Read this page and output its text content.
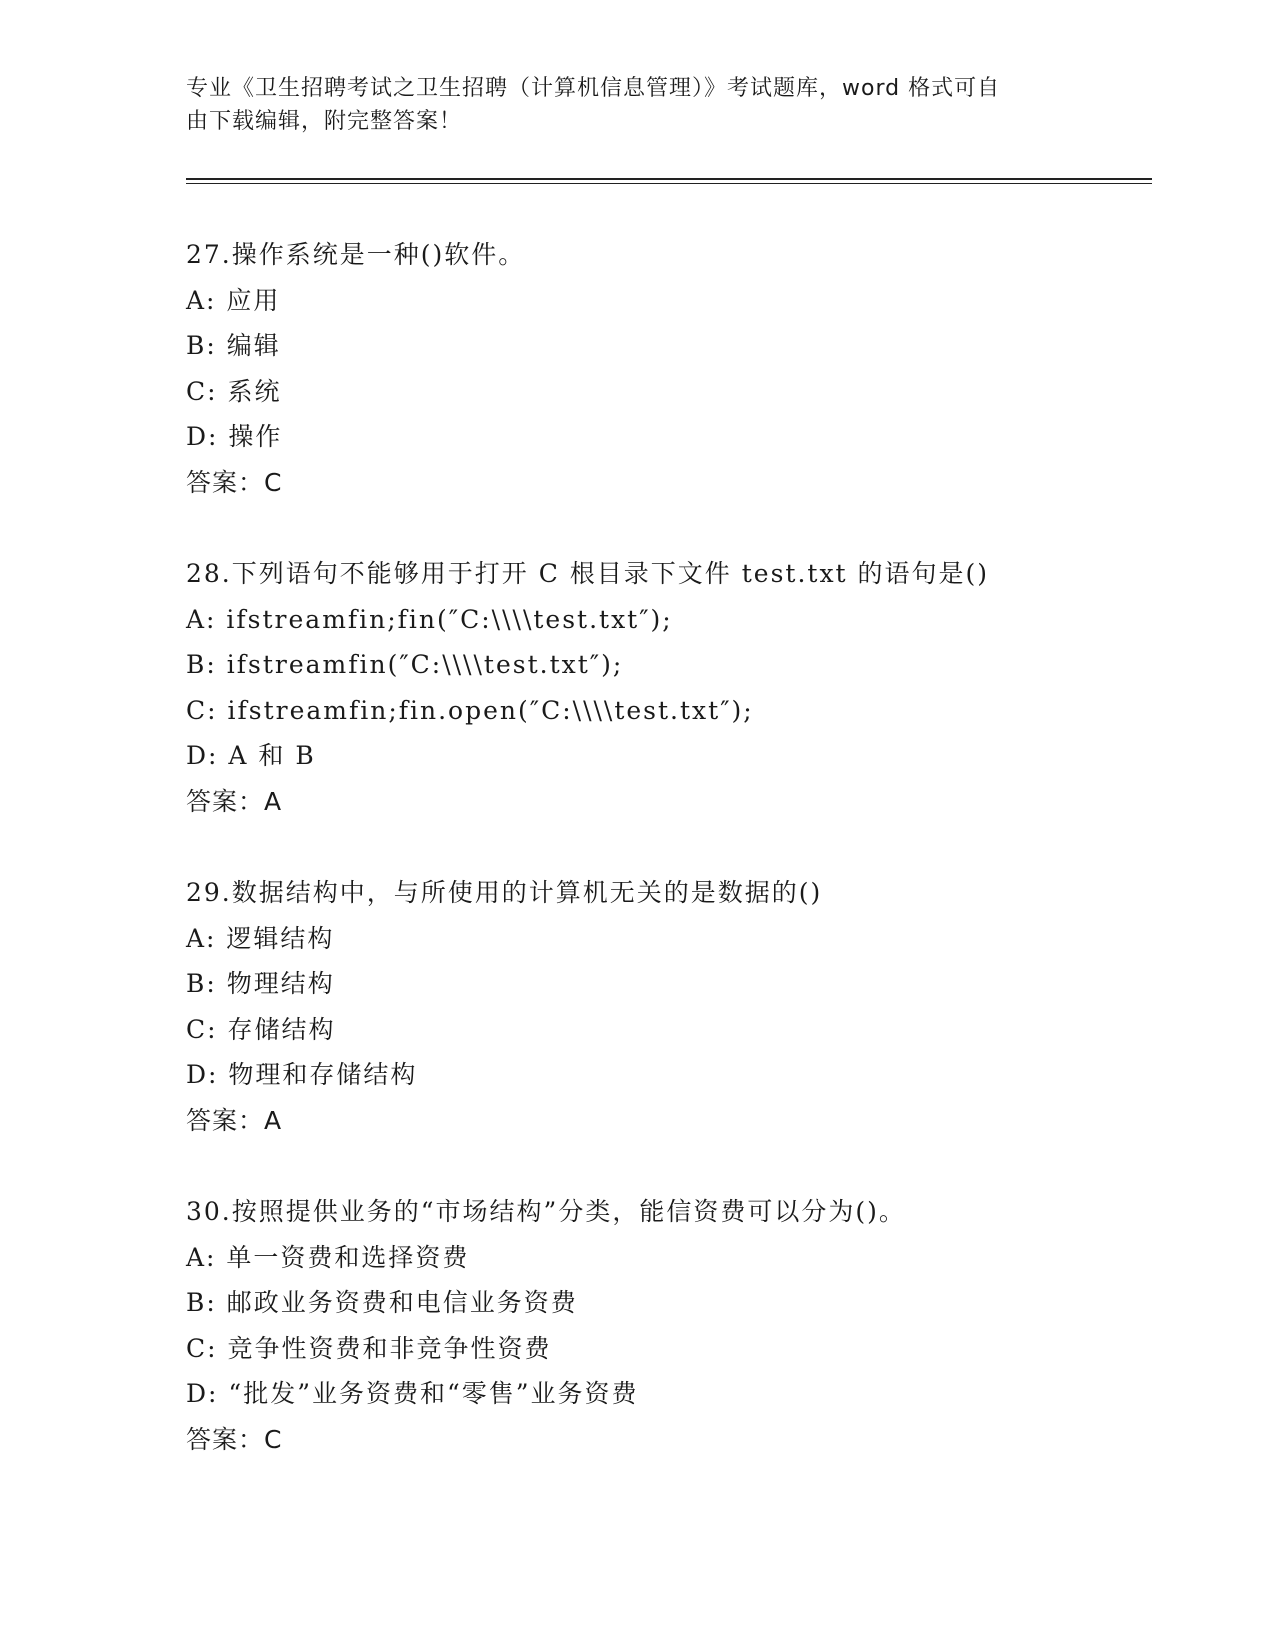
专业《卫生招聘考试之卫生招聘（计算机信息管理）》考试题库，word 格式可自
由下载编辑，附完整答案！
27.操作系统是一种()软件。
A: 应用
B: 编辑
C: 系统
D: 操作
答案：C
28.下列语句不能够用于打开 C 根目录下文件 test.txt 的语句是()
A: ifstreamfin;fin(″C:\\\\test.txt″);
B: ifstreamfin(″C:\\\\test.txt″);
C: ifstreamfin;fin.open(″C:\\\\test.txt″);
D: A 和 B
答案：A
29.数据结构中，与所使用的计算机无关的是数据的()
A: 逻辑结构
B: 物理结构
C: 存储结构
D: 物理和存储结构
答案：A
30.按照提供业务的“市场结构”分类，能信资费可以分为()。
A: 单一资费和选择资费
B: 邮政业务资费和电信业务资费
C: 竞争性资费和非竞争性资费
D: “批发”业务资费和“零售”业务资费
答案：C
